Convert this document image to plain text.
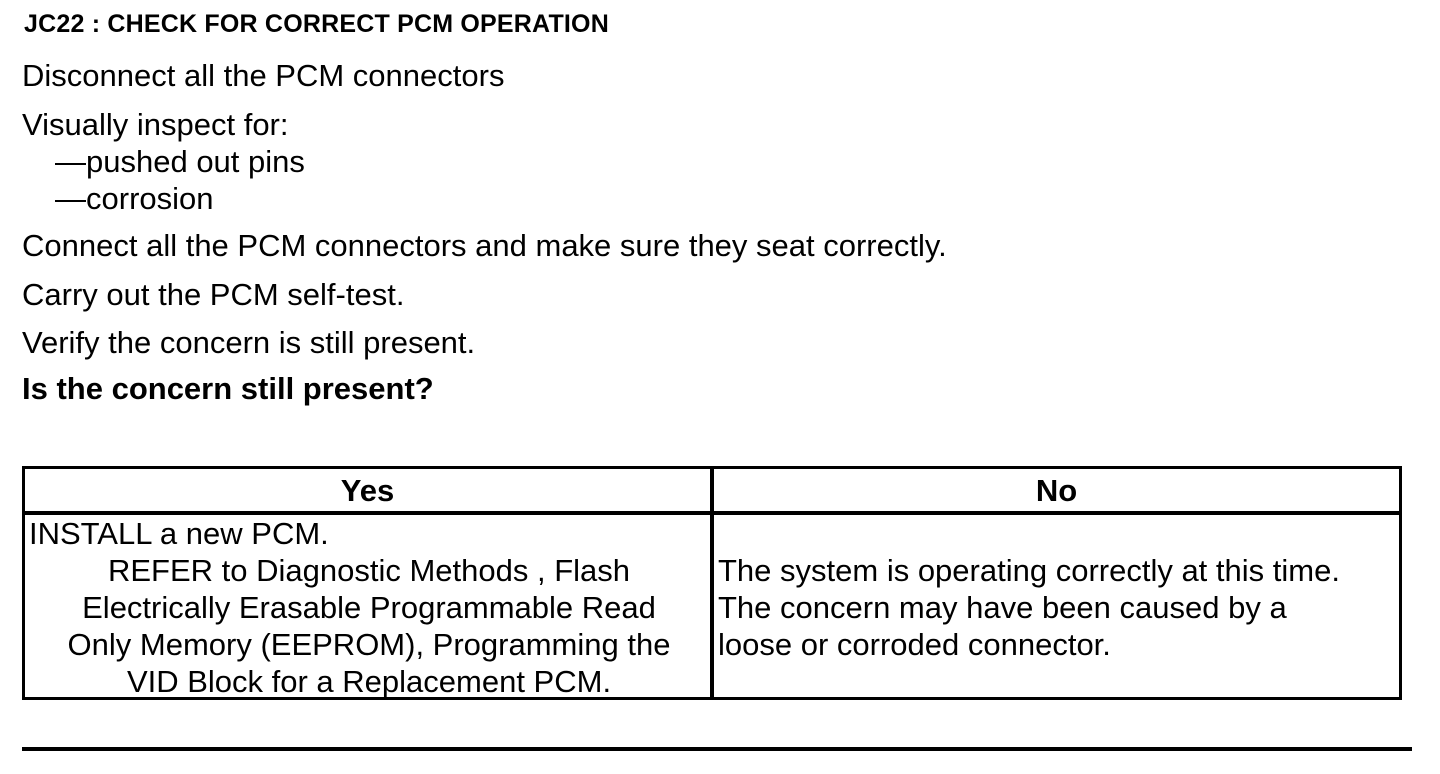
JC22 : CHECK FOR CORRECT PCM OPERATION
Disconnect all the PCM connectors
Visually inspect for:
—pushed out pins
—corrosion
Connect all the PCM connectors and make sure they seat correctly.
Carry out the PCM self-test.
Verify the concern is still present.
Is the concern still present?
Yes	No
INSTALL a new PCM.
REFER to Diagnostic Methods , Flash
Electrically Erasable Programmable Read
Only Memory (EEPROM), Programming the
VID Block for a Replacement PCM.
The system is operating correctly at this time.
The concern may have been caused by a
loose or corroded connector.
